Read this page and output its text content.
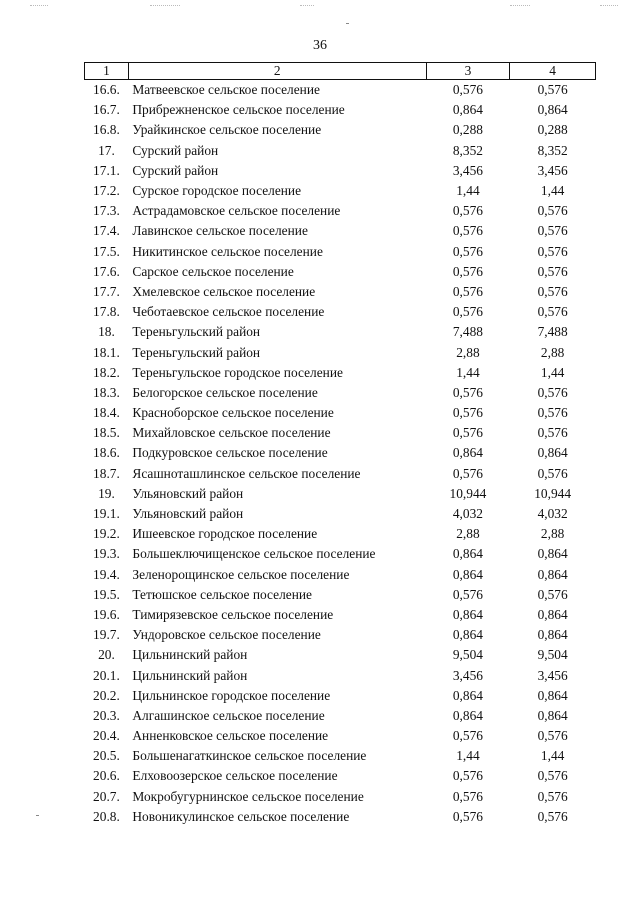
36
1	2	3	4
16.6.	Матвеевское сельское поселение	0,576	0,576
16.7.	Прибрежненское сельское поселение	0,864	0,864
16.8.	Урайкинское сельское поселение	0,288	0,288
17.	Сурский район	8,352	8,352
17.1.	Сурский район	3,456	3,456
17.2.	Сурское городское поселение	1,44	1,44
17.3.	Астрадамовское сельское поселение	0,576	0,576
17.4.	Лавинское сельское поселение	0,576	0,576
17.5.	Никитинское сельское поселение	0,576	0,576
17.6.	Сарское сельское поселение	0,576	0,576
17.7.	Хмелевское сельское поселение	0,576	0,576
17.8.	Чеботаевское сельское поселение	0,576	0,576
18.	Тереньгульский район	7,488	7,488
18.1.	Тереньгульский район	2,88	2,88
18.2.	Тереньгульское городское поселение	1,44	1,44
18.3.	Белогорское сельское поселение	0,576	0,576
18.4.	Красноборское сельское поселение	0,576	0,576
18.5.	Михайловское сельское поселение	0,576	0,576
18.6.	Подкуровское сельское поселение	0,864	0,864
18.7.	Ясашноташлинское сельское поселение	0,576	0,576
19.	Ульяновский район	10,944	10,944
19.1.	Ульяновский район	4,032	4,032
19.2.	Ишеевское городское поселение	2,88	2,88
19.3.	Большеключищенское сельское поселение	0,864	0,864
19.4.	Зеленорощинское сельское поселение	0,864	0,864
19.5.	Тетюшское сельское поселение	0,576	0,576
19.6.	Тимирязевское сельское поселение	0,864	0,864
19.7.	Ундоровское сельское поселение	0,864	0,864
20.	Цильнинский район	9,504	9,504
20.1.	Цильнинский район	3,456	3,456
20.2.	Цильнинское городское поселение	0,864	0,864
20.3.	Алгашинское сельское поселение	0,864	0,864
20.4.	Анненковское сельское поселение	0,576	0,576
20.5.	Большенагаткинское сельское поселение	1,44	1,44
20.6.	Елховоозерское сельское поселение	0,576	0,576
20.7.	Мокробугурнинское сельское поселение	0,576	0,576
20.8.	Новоникулинское сельское поселение	0,576	0,576
